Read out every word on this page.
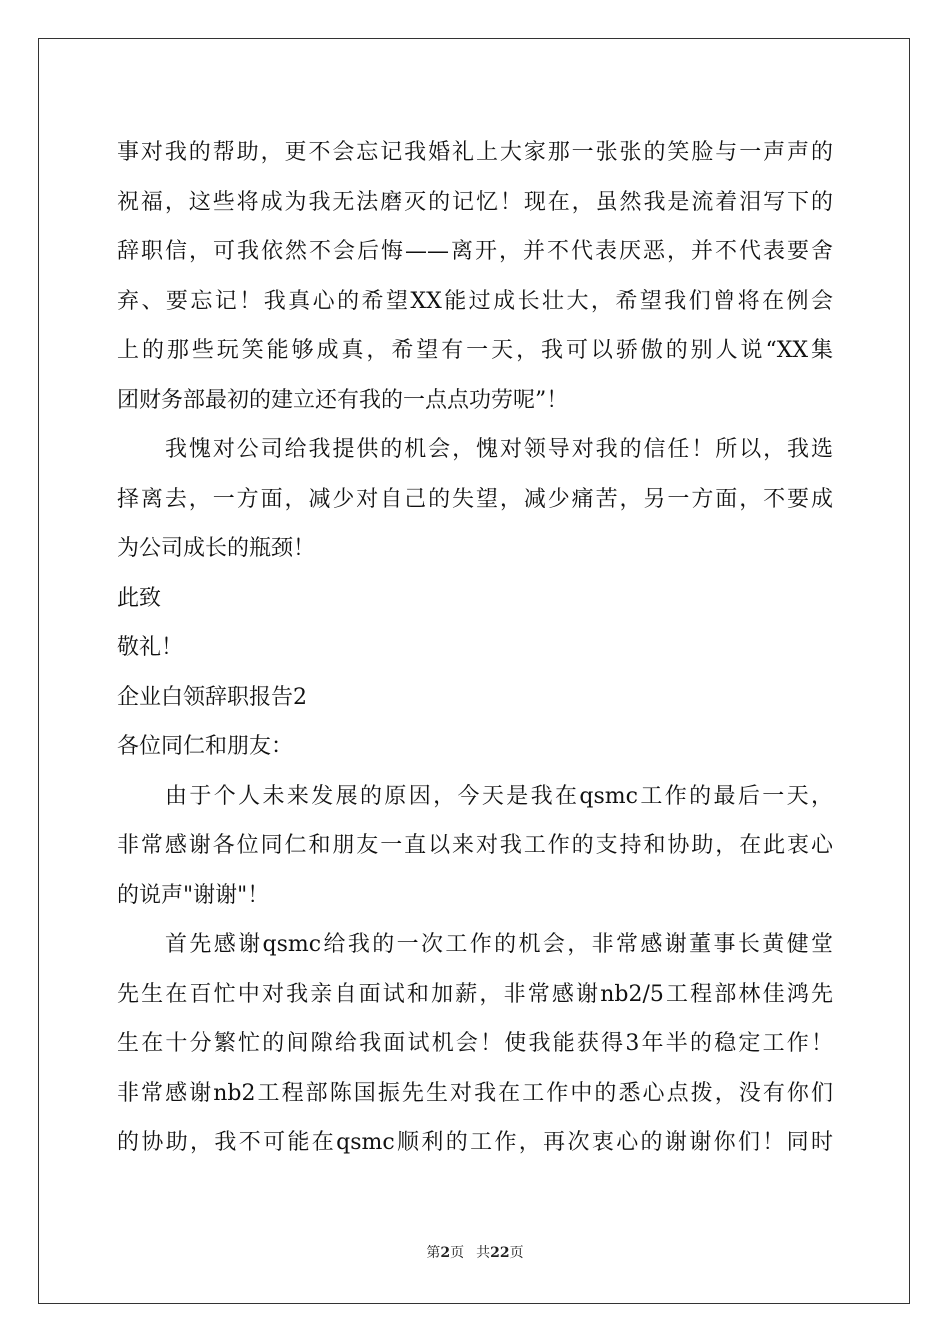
事对我的帮助，更不会忘记我婚礼上大家那一张张的笑脸与一声声的
祝福，这些将成为我无法磨灭的记忆！现在，虽然我是流着泪写下的
辞职信，可我依然不会后悔——离开，并不代表厌恶，并不代表要舍
弃、要忘记！我真心的希望XX能过成长壮大，希望我们曾将在例会
上的那些玩笑能够成真，希望有一天，我可以骄傲的别人说“XX集
团财务部最初的建立还有我的一点点功劳呢”！
我愧对公司给我提供的机会，愧对领导对我的信任！所以，我选
择离去，一方面，减少对自己的失望，减少痛苦，另一方面，不要成
为公司成长的瓶颈！
此致
敬礼！
企业白领辞职报告2
各位同仁和朋友：
由于个人未来发展的原因，今天是我在qsmc工作的最后一天，
非常感谢各位同仁和朋友一直以来对我工作的支持和协助，在此衷心
的说声"谢谢"！
首先感谢qsmc给我的一次工作的机会，非常感谢董事长黄健堂
先生在百忙中对我亲自面试和加薪，非常感谢nb2/5工程部林佳鸿先
生在十分繁忙的间隙给我面试机会！使我能获得3年半的稳定工作！
非常感谢nb2工程部陈国振先生对我在工作中的悉心点拨，没有你们
的协助，我不可能在qsmc顺利的工作，再次衷心的谢谢你们！同时
第2页 共22页
